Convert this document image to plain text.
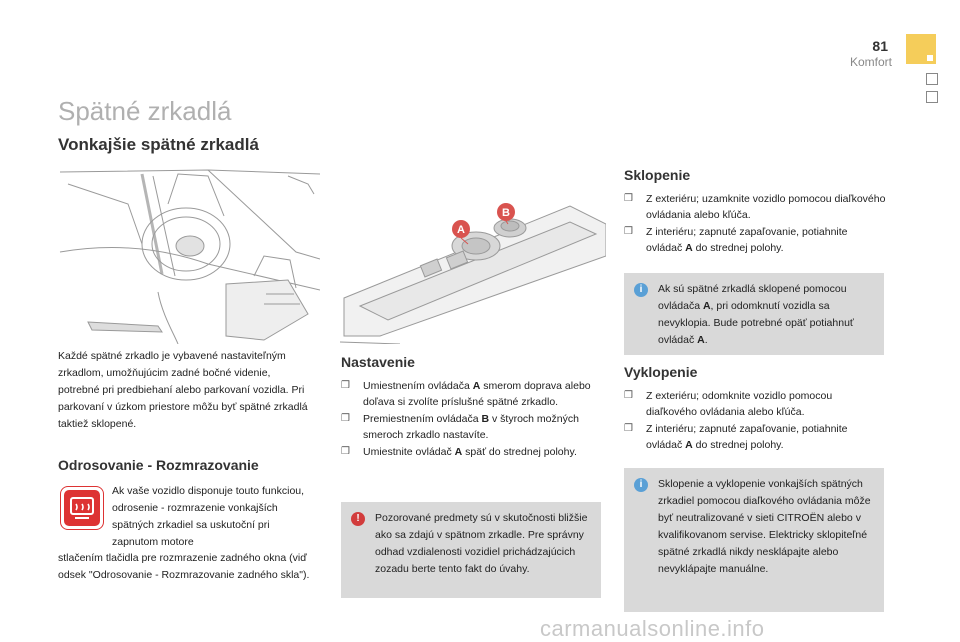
81
Komfort
Spätné zrkadlá
Vonkajšie spätné zrkadlá
A
B
Každé spätné zrkadlo je vybavené nastaviteľným zrkadlom, umožňujúcim zadné bočné videnie, potrebné pri predbiehaní alebo parkovaní vozidla. Pri parkovaní v úzkom priestore môžu byť spätné zrkadlá taktiež sklopené.
Odrosovanie - Rozmrazovanie
Ak vaše vozidlo disponuje touto funkciou, odrosenie - rozmrazenie vonkajších spätných zrkadiel sa uskutoční pri zapnutom motore
stlačením tlačidla pre rozmrazenie zadného okna (viď odsek "Odrosovanie - Rozmrazovanie zadného skla").
Nastavenie
❒ Umiestnením ovládača A smerom doprava alebo doľava si zvolíte príslušné spätné zrkadlo.
❒ Premiestnením ovládača B v štyroch možných smeroch zrkadlo nastavíte.
❒ Umiestnite ovládač A späť do strednej polohy.
!	Pozorované predmety sú v skutočnosti bližšie ako sa zdajú v spätnom zrkadle. Pre správny odhad vzdialenosti vozidiel prichádzajúcich zozadu berte tento fakt do úvahy.
Sklopenie
❒ Z exteriéru; uzamknite vozidlo pomocou diaľkového ovládania alebo kľúča.
❒ Z interiéru; zapnuté zapaľovanie, potiahnite ovládač A do strednej polohy.
i	Ak sú spätné zrkadlá sklopené pomocou ovládača A, pri odomknutí vozidla sa nevyklopia. Bude potrebné opäť potiahnuť ovládač A.
Vyklopenie
❒ Z exteriéru; odomknite vozidlo pomocou diaľkového ovládania alebo kľúča.
❒ Z interiéru; zapnuté zapaľovanie, potiahnite ovládač A do strednej polohy.
i	Sklopenie a vyklopenie vonkajších spätných zrkadiel pomocou diaľkového ovládania môže byť neutralizované v sieti CITROËN alebo v kvalifikovanom servise. Elektricky sklopiteľné spätné zrkadlá nikdy nesklápajte alebo nevyklápajte manuálne.
carmanualsonline.info
